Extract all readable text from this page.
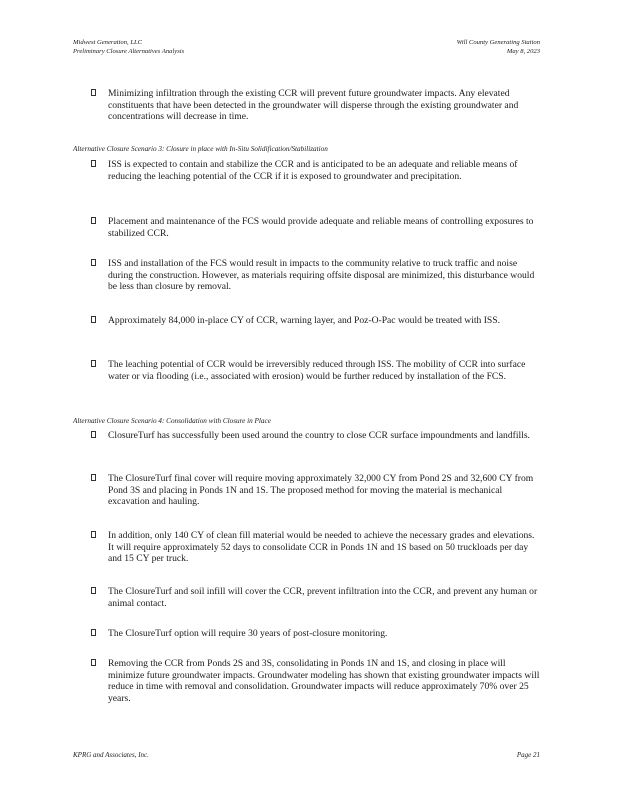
Midwest Generation, LLC
Preliminary Closure Alternatives Analysis
Will County Generating Station
May 8, 2023
Minimizing infiltration through the existing CCR will prevent future groundwater impacts. Any elevated constituents that have been detected in the groundwater will disperse through the existing groundwater and concentrations will decrease in time.
Alternative Closure Scenario 3: Closure in place with In-Situ Solidification/Stabilization
ISS is expected to contain and stabilize the CCR and is anticipated to be an adequate and reliable means of reducing the leaching potential of the CCR if it is exposed to groundwater and precipitation.
Placement and maintenance of the FCS would provide adequate and reliable means of controlling exposures to stabilized CCR.
ISS and installation of the FCS would result in impacts to the community relative to truck traffic and noise during the construction. However, as materials requiring offsite disposal are minimized, this disturbance would be less than closure by removal.
Approximately 84,000 in-place CY of CCR, warning layer, and Poz-O-Pac would be treated with ISS.
The leaching potential of CCR would be irreversibly reduced through ISS. The mobility of CCR into surface water or via flooding (i.e., associated with erosion) would be further reduced by installation of the FCS.
Alternative Closure Scenario 4: Consolidation with Closure in Place
ClosureTurf has successfully been used around the country to close CCR surface impoundments and landfills.
The ClosureTurf final cover will require moving approximately 32,000 CY from Pond 2S and 32,600 CY from Pond 3S and placing in Ponds 1N and 1S. The proposed method for moving the material is mechanical excavation and hauling.
In addition, only 140 CY of clean fill material would be needed to achieve the necessary grades and elevations. It will require approximately 52 days to consolidate CCR in Ponds 1N and 1S based on 50 truckloads per day and 15 CY per truck.
The ClosureTurf and soil infill will cover the CCR, prevent infiltration into the CCR, and prevent any human or animal contact.
The ClosureTurf option will require 30 years of post-closure monitoring.
Removing the CCR from Ponds 2S and 3S, consolidating in Ponds 1N and 1S, and closing in place will minimize future groundwater impacts. Groundwater modeling has shown that existing groundwater impacts will reduce in time with removal and consolidation. Groundwater impacts will reduce approximately 70% over 25 years.
KPRG and Associates, Inc.	Page 21
